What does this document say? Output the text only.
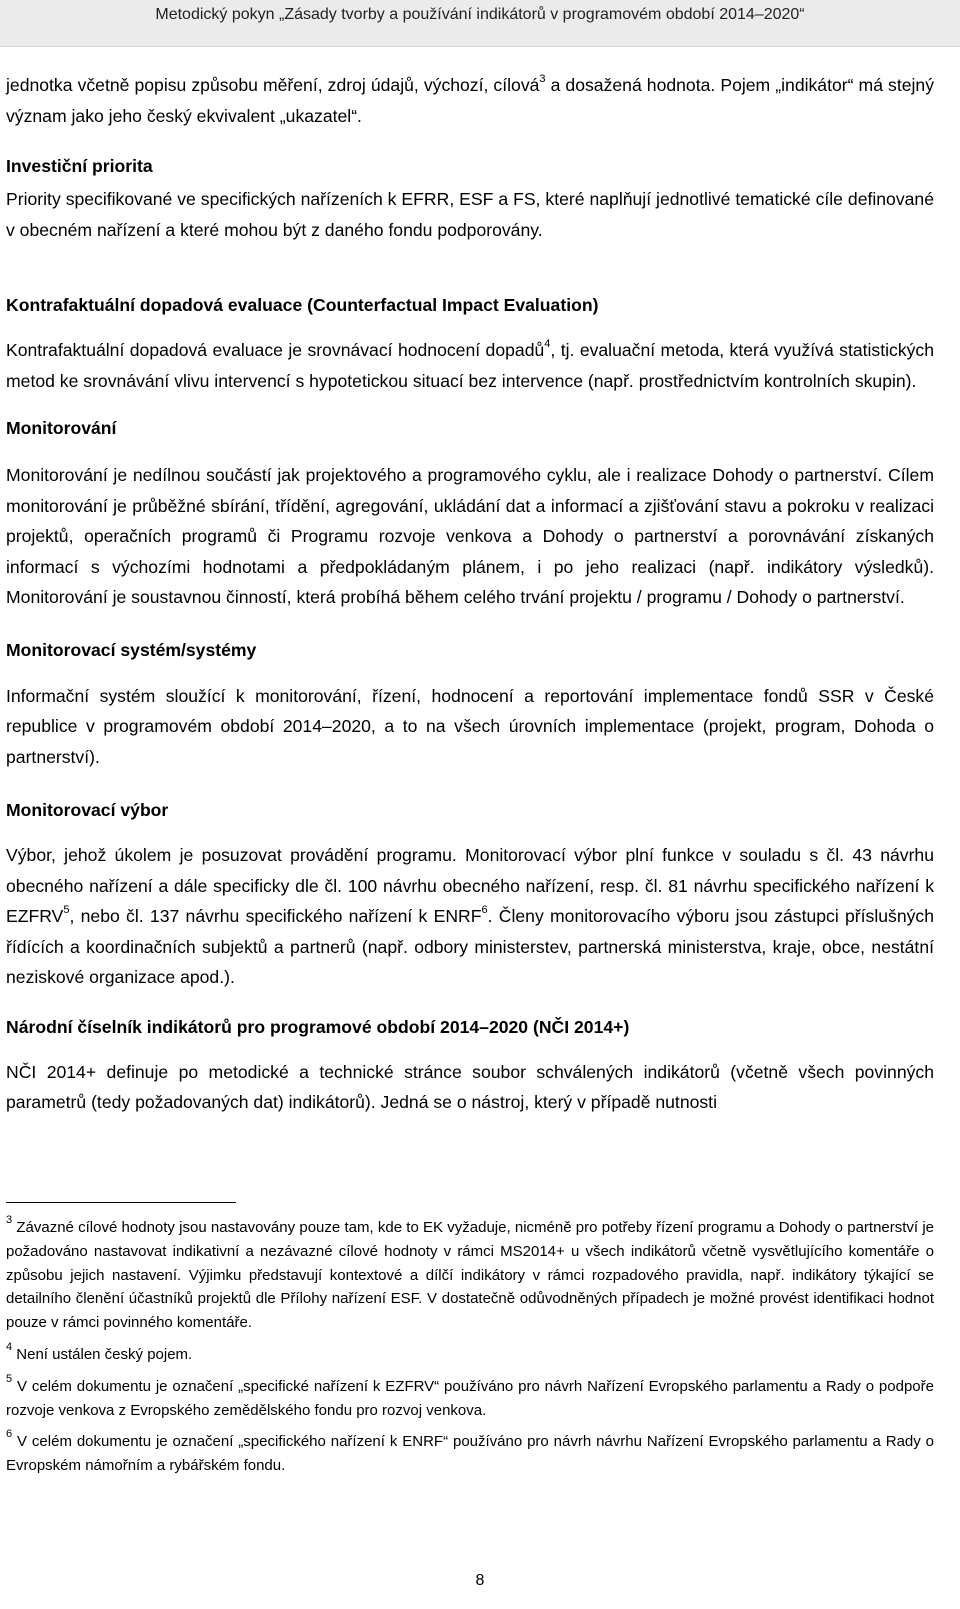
Metodický pokyn „Zásady tvorby a používání indikátorů v programovém období 2014–2020“

jednotka včetně popisu způsobu měření, zdroj údajů, výchozí, cílová$^3$ a dosažená hodnota. Pojem „indikátor“ má stejný význam jako jeho český ekvivalent „ukazatel“.

Investiční priorita

Priority specifikované ve specifických nařízeních k EFRR, ESF a FS, které naplňují jednotlivé tematické cíle definované v obecném nařízení a které mohou být z daného fondu podporovány.

Kontrafaktuální dopadová evaluace (Counterfactual Impact Evaluation)

Kontrafaktuální dopadová evaluace je srovnávací hodnocení dopadů$^4$, tj. evaluační metoda, která využívá statistických metod ke srovnávání vlivu intervencí s hypotetickou situací bez intervence (např. prostřednictvím kontrolních skupin).

Monitorování

Monitorování je nedílnou součástí jak projektového a programového cyklu, ale i realizace Dohody o partnerství. Cílem monitorování je průběžné sbírání, třídění, agregování, ukládání dat a informací a zjišťování stavu a pokroku v realizaci projektů, operačních programů či Programu rozvoje venkova a Dohody o partnerství a porovnávání získaných informací s výchozími hodnotami a předpokládaným plánem, i po jeho realizaci (např. indikátory výsledků). Monitorování je soustavnou činností, která probíhá během celého trvání projektu / programu / Dohody o partnerství.

Monitorovací systém/systémy

Informační systém sloužící k monitorování, řízení, hodnocení a reportování implementace fondů SSR v České republice v programovém období 2014–2020, a to na všech úrovních implementace (projekt, program, Dohoda o partnerství).

Monitorovací výbor

Výbor, jehož úkolem je posuzovat provádění programu. Monitorovací výbor plní funkce v souladu s čl. 43 návrhu obecného nařízení a dále specificky dle čl. 100 návrhu obecného nařízení, resp. čl. 81 návrhu specifického nařízení k EZFRV$^5$, nebo čl. 137 návrhu specifického nařízení k ENRF$^6$. Členy monitorovacího výboru jsou zástupci příslušných řídících a koordinačních subjektů a partnerů (např. odbory ministerstev, partnerská ministerstva, kraje, obce, nestátní neziskové organizace apod.).

Národní číselník indikátorů pro programové období 2014–2020 (NČI 2014+)

NČI 2014+ definuje po metodické a technické stránce soubor schválených indikátorů (včetně všech povinných parametrů (tedy požadovaných dat) indikátorů). Jedná se o nástroj, který v případě nutnosti

$^3$ Závazné cílové hodnoty jsou nastavovány pouze tam, kde to EK vyžaduje, nicméně pro potřeby řízení programu a Dohody o partnerství je požadováno nastavovat indikativní a nezávazné cílové hodnoty v rámci MS2014+ u všech indikátorů včetně vysvětlujícího komentáře o způsobu jejich nastavení. Výjimku představují kontextové a dílčí indikátory v rámci rozpadového pravidla, např. indikátory týkající se detailního členění účastníků projektů dle Přílohy nařízení ESF. V dostatečně odůvodněných případech je možné provést identifikaci hodnot pouze v rámci povinného komentáře.

$^4$ Není ustálen český pojem.

$^5$ V celém dokumentu je označení „specifické nařízení k EZFRV“ používáno pro návrh Nařízení Evropského parlamentu a Rady o podpoře rozvoje venkova z Evropského zemědělského fondu pro rozvoj venkova.

$^6$ V celém dokumentu je označení „specifického nařízení k ENRF“ používáno pro návrh návrhu Nařízení Evropského parlamentu a Rady o Evropském námořním a rybářském fondu.

8
